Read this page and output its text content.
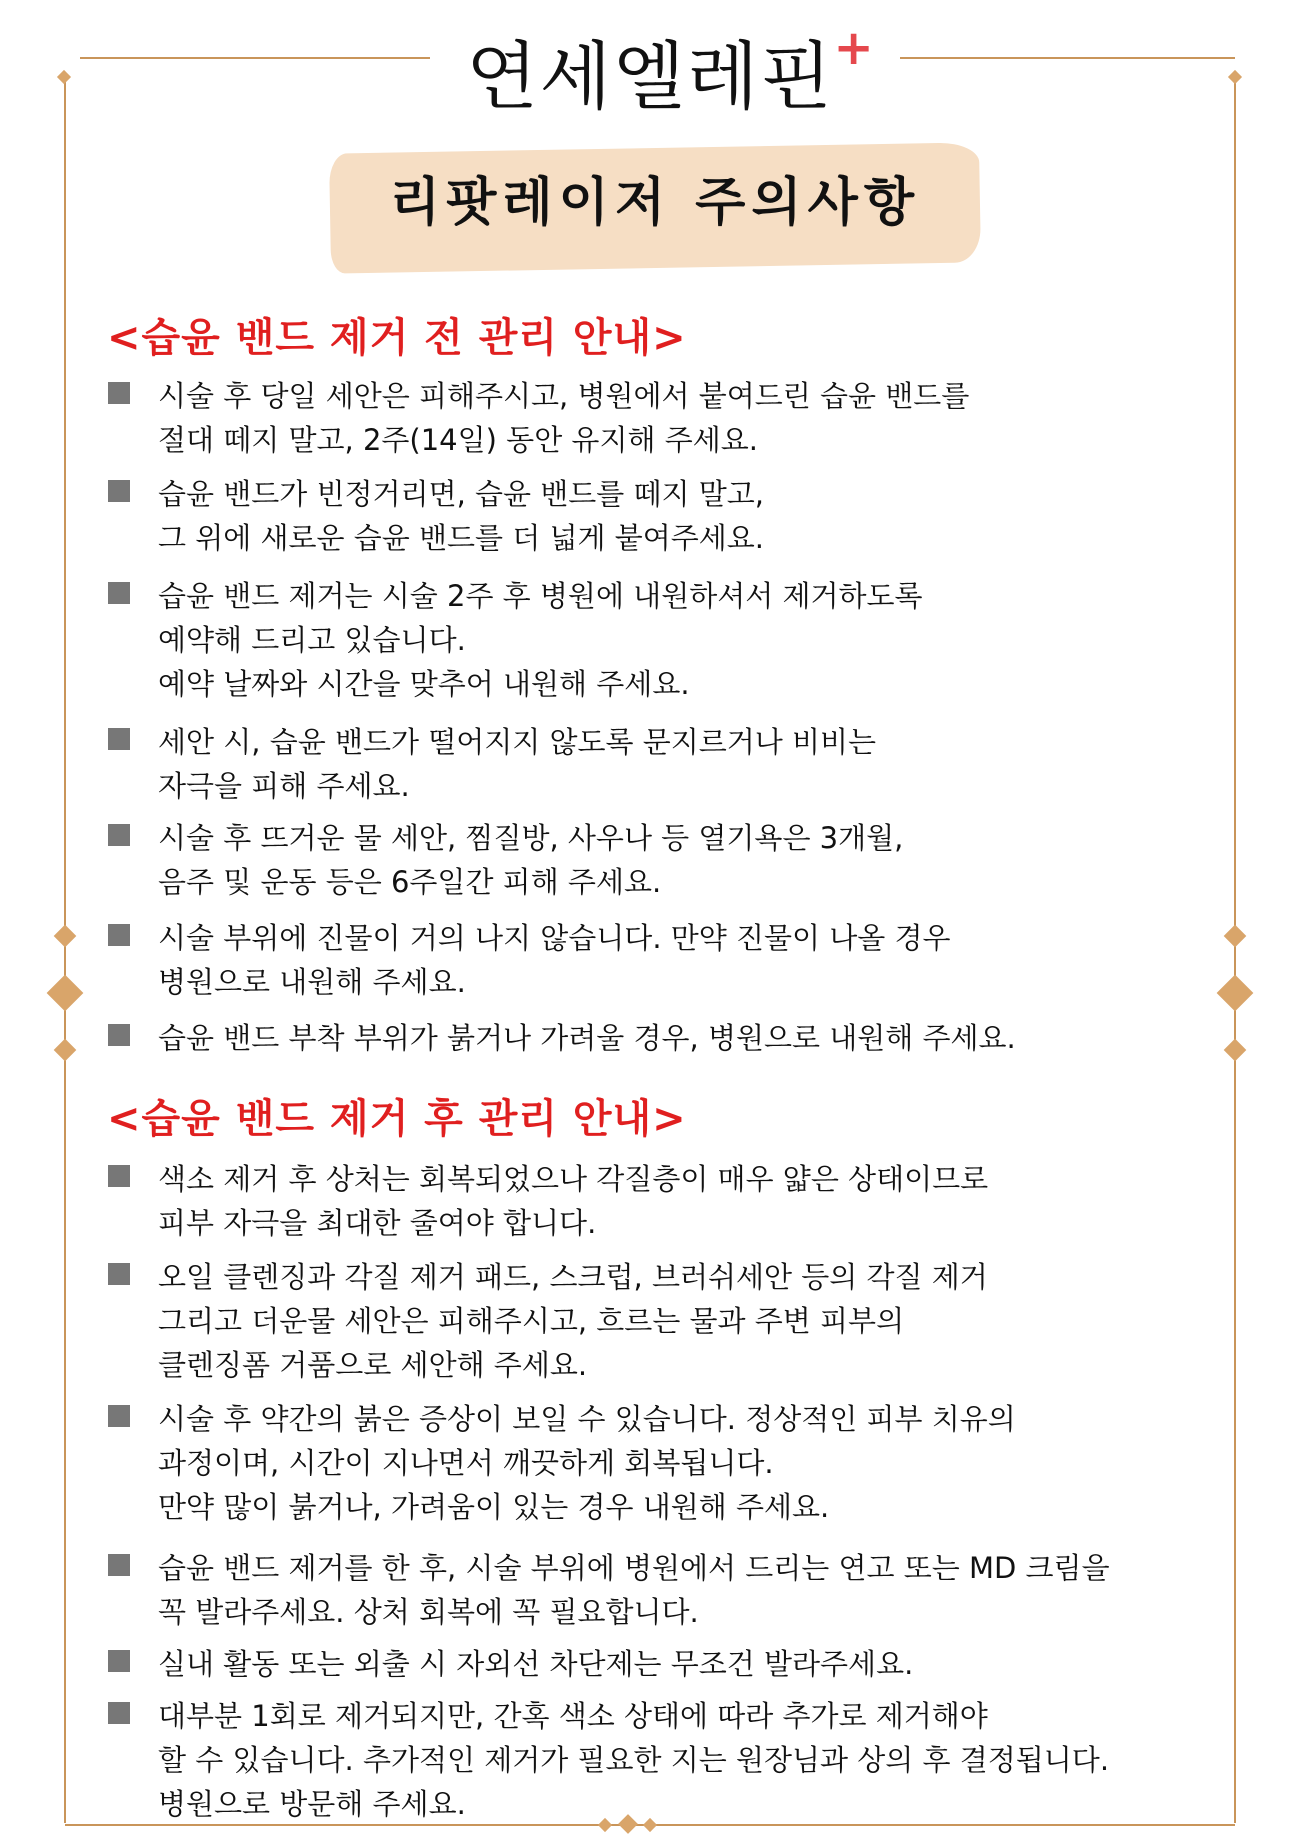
연세엘레핀 +
리팟레이저 주의사항
<습윤 밴드 제거 전 관리 안내>
시술 후 당일 세안은 피해주시고, 병원에서 붙여드린 습윤 밴드를
절대 떼지 말고, 2주(14일) 동안 유지해 주세요.
습윤 밴드가 빈정거리면, 습윤 밴드를 떼지 말고,
그 위에 새로운 습윤 밴드를 더 넓게 붙여주세요.
습윤 밴드 제거는 시술 2주 후 병원에 내원하셔서 제거하도록
예약해 드리고 있습니다.
예약 날짜와 시간을 맞추어 내원해 주세요.
세안 시, 습윤 밴드가 떨어지지 않도록 문지르거나 비비는
자극을 피해 주세요.
시술 후 뜨거운 물 세안, 찜질방, 사우나 등 열기욕은 3개월,
음주 및 운동 등은 6주일간 피해 주세요.
시술 부위에 진물이 거의 나지 않습니다. 만약 진물이 나올 경우
병원으로 내원해 주세요.
습윤 밴드 부착 부위가 붉거나 가려울 경우, 병원으로 내원해 주세요.
<습윤 밴드 제거 후 관리 안내>
색소 제거 후 상처는 회복되었으나 각질층이 매우 얇은 상태이므로
피부 자극을 최대한 줄여야 합니다.
오일 클렌징과 각질 제거 패드, 스크럽, 브러쉬세안 등의 각질 제거
그리고 더운물 세안은 피해주시고, 흐르는 물과 주변 피부의
클렌징폼 거품으로 세안해 주세요.
시술 후 약간의 붉은 증상이 보일 수 있습니다. 정상적인 피부 치유의
과정이며, 시간이 지나면서 깨끗하게 회복됩니다.
만약 많이 붉거나, 가려움이 있는 경우 내원해 주세요.
습윤 밴드 제거를 한 후, 시술 부위에 병원에서 드리는 연고 또는 MD 크림을
꼭 발라주세요. 상처 회복에 꼭 필요합니다.
실내 활동 또는 외출 시 자외선 차단제는 무조건 발라주세요.
대부분 1회로 제거되지만, 간혹 색소 상태에 따라 추가로 제거해야
할 수 있습니다. 추가적인 제거가 필요한 지는 원장님과 상의 후 결정됩니다.
병원으로 방문해 주세요.
